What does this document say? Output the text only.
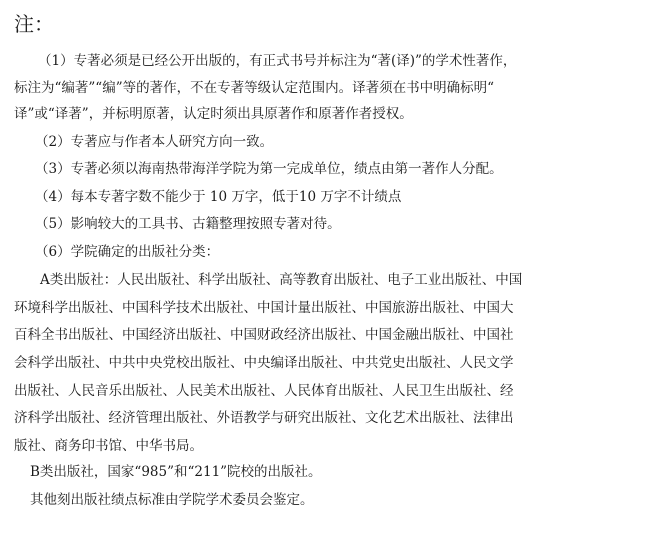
注：
（1）专著必须是已经公开出版的，有正式书号并标注为“著(译)”的学术性著作，
标注为“编著”“编”等的著作，不在专著等级认定范围内。译著须在书中明确标明“
译”或“译著”，并标明原著，认定时须出具原著作和原著作者授权。
（2）专著应与作者本人研究方向一致。
（3）专著必须以海南热带海洋学院为第一完成单位，绩点由第一著作人分配。
（4）每本专著字数不能少于 10 万字，低于10 万字不计绩点
（5）影响较大的工具书、古籍整理按照专著对待。
（6）学院确定的出版社分类：
A类出版社：人民出版社、科学出版社、高等教育出版社、电子工业出版社、中国
环境科学出版社、中国科学技术出版社、中国计量出版社、中国旅游出版社、中国大
百科全书出版社、中国经济出版社、中国财政经济出版社、中国金融出版社、中国社
会科学出版社、中共中央党校出版社、中央编译出版社、中共党史出版社、人民文学
出版社、人民音乐出版社、人民美术出版社、人民体育出版社、人民卫生出版社、经
济科学出版社、经济管理出版社、外语教学与研究出版社、文化艺术出版社、法律出
版社、商务印书馆、中华书局。
B类出版社，国家“985”和“211”院校的出版社。
其他刻出版社绩点标准由学院学术委员会鉴定。
